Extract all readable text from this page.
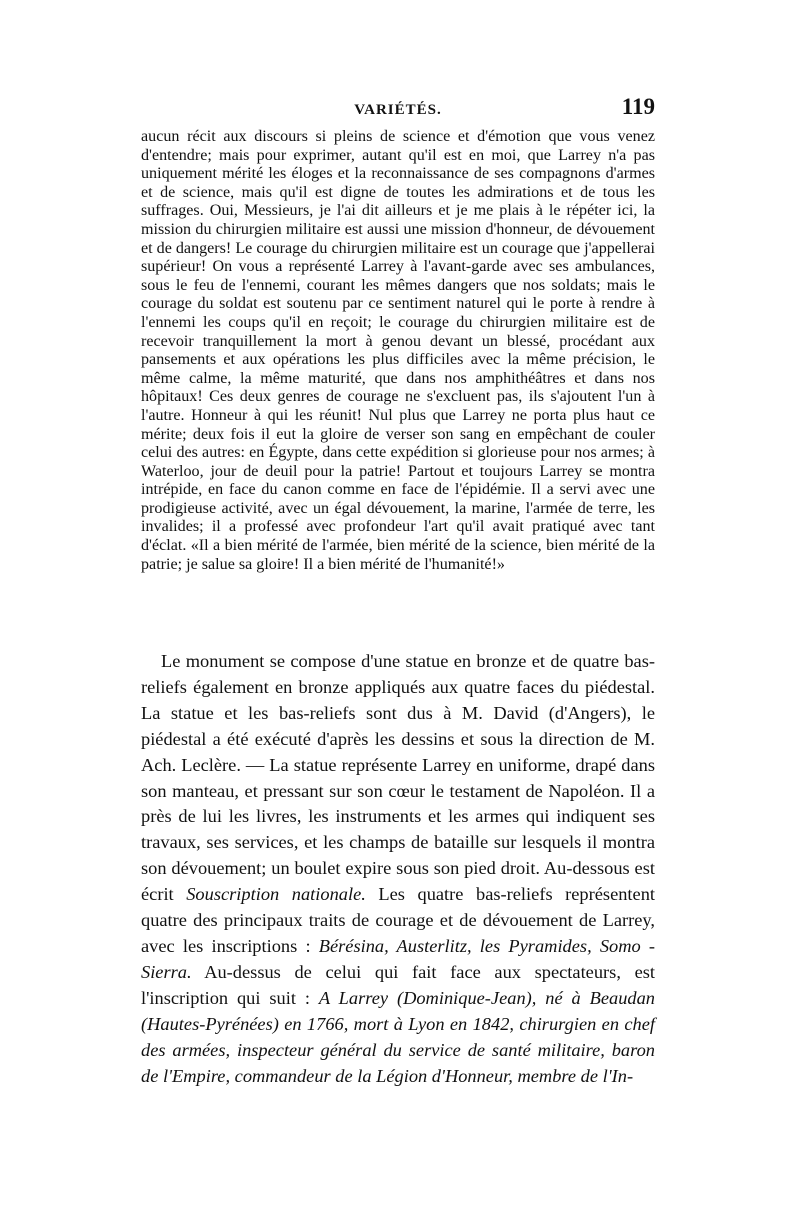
VARIÉTÉS.	119

aucun récit aux discours si pleins de science et d'émotion que vous venez d'entendre; mais pour exprimer, autant qu'il est en moi, que Larrey n'a pas uniquement mérité les éloges et la reconnaissance de ses compagnons d'armes et de science, mais qu'il est digne de toutes les admirations et de tous les suffrages. Oui, Messieurs, je l'ai dit ailleurs et je me plais à le répéter ici, la mission du chirurgien militaire est aussi une mission d'honneur, de dévouement et de dangers! Le courage du chirurgien militaire est un courage que j'appellerai supérieur! On vous a représenté Larrey à l'avant-garde avec ses ambulances, sous le feu de l'ennemi, courant les mêmes dangers que nos soldats; mais le courage du soldat est soutenu par ce sentiment naturel qui le porte à rendre à l'ennemi les coups qu'il en reçoit; le courage du chirurgien militaire est de recevoir tranquillement la mort à genou devant un blessé, procédant aux pansements et aux opérations les plus difficiles avec la même précision, le même calme, la même maturité, que dans nos amphithéâtres et dans nos hôpitaux! Ces deux genres de courage ne s'excluent pas, ils s'ajoutent l'un à l'autre. Honneur à qui les réunit! Nul plus que Larrey ne porta plus haut ce mérite; deux fois il eut la gloire de verser son sang en empêchant de couler celui des autres: en Égypte, dans cette expédition si glorieuse pour nos armes; à Waterloo, jour de deuil pour la patrie! Partout et toujours Larrey se montra intrépide, en face du canon comme en face de l'épidémie. Il a servi avec une prodigieuse activité, avec un égal dévouement, la marine, l'armée de terre, les invalides; il a professé avec profondeur l'art qu'il avait pratiqué avec tant d'éclat. «Il a bien mérité de l'armée, bien mérité de la science, bien mérité de la patrie; je salue sa gloire! Il a bien mérité de l'humanité!»

Le monument se compose d'une statue en bronze et de quatre bas-reliefs également en bronze appliqués aux quatre faces du piédestal. La statue et les bas-reliefs sont dus à M. David (d'Angers), le piédestal a été exécuté d'après les dessins et sous la direction de M. Ach. Leclère. — La statue représente Larrey en uniforme, drapé dans son manteau, et pressant sur son cœur le testament de Napoléon. Il a près de lui les livres, les instruments et les armes qui indiquent ses travaux, ses services, et les champs de bataille sur lesquels il montra son dévouement; un boulet expire sous son pied droit. Au-dessous est écrit Souscription nationale. Les quatre bas-reliefs représentent quatre des principaux traits de courage et de dévouement de Larrey, avec les inscriptions : Bérésina, Austerlitz, les Pyramides, Somo - Sierra. Au-dessus de celui qui fait face aux spectateurs, est l'inscription qui suit : A Larrey (Dominique-Jean), né à Beaudan (Hautes-Pyrénées) en 1766, mort à Lyon en 1842, chirurgien en chef des armées, inspecteur général du service de santé militaire, baron de l'Empire, commandeur de la Légion d'Honneur, membre de l'In-
